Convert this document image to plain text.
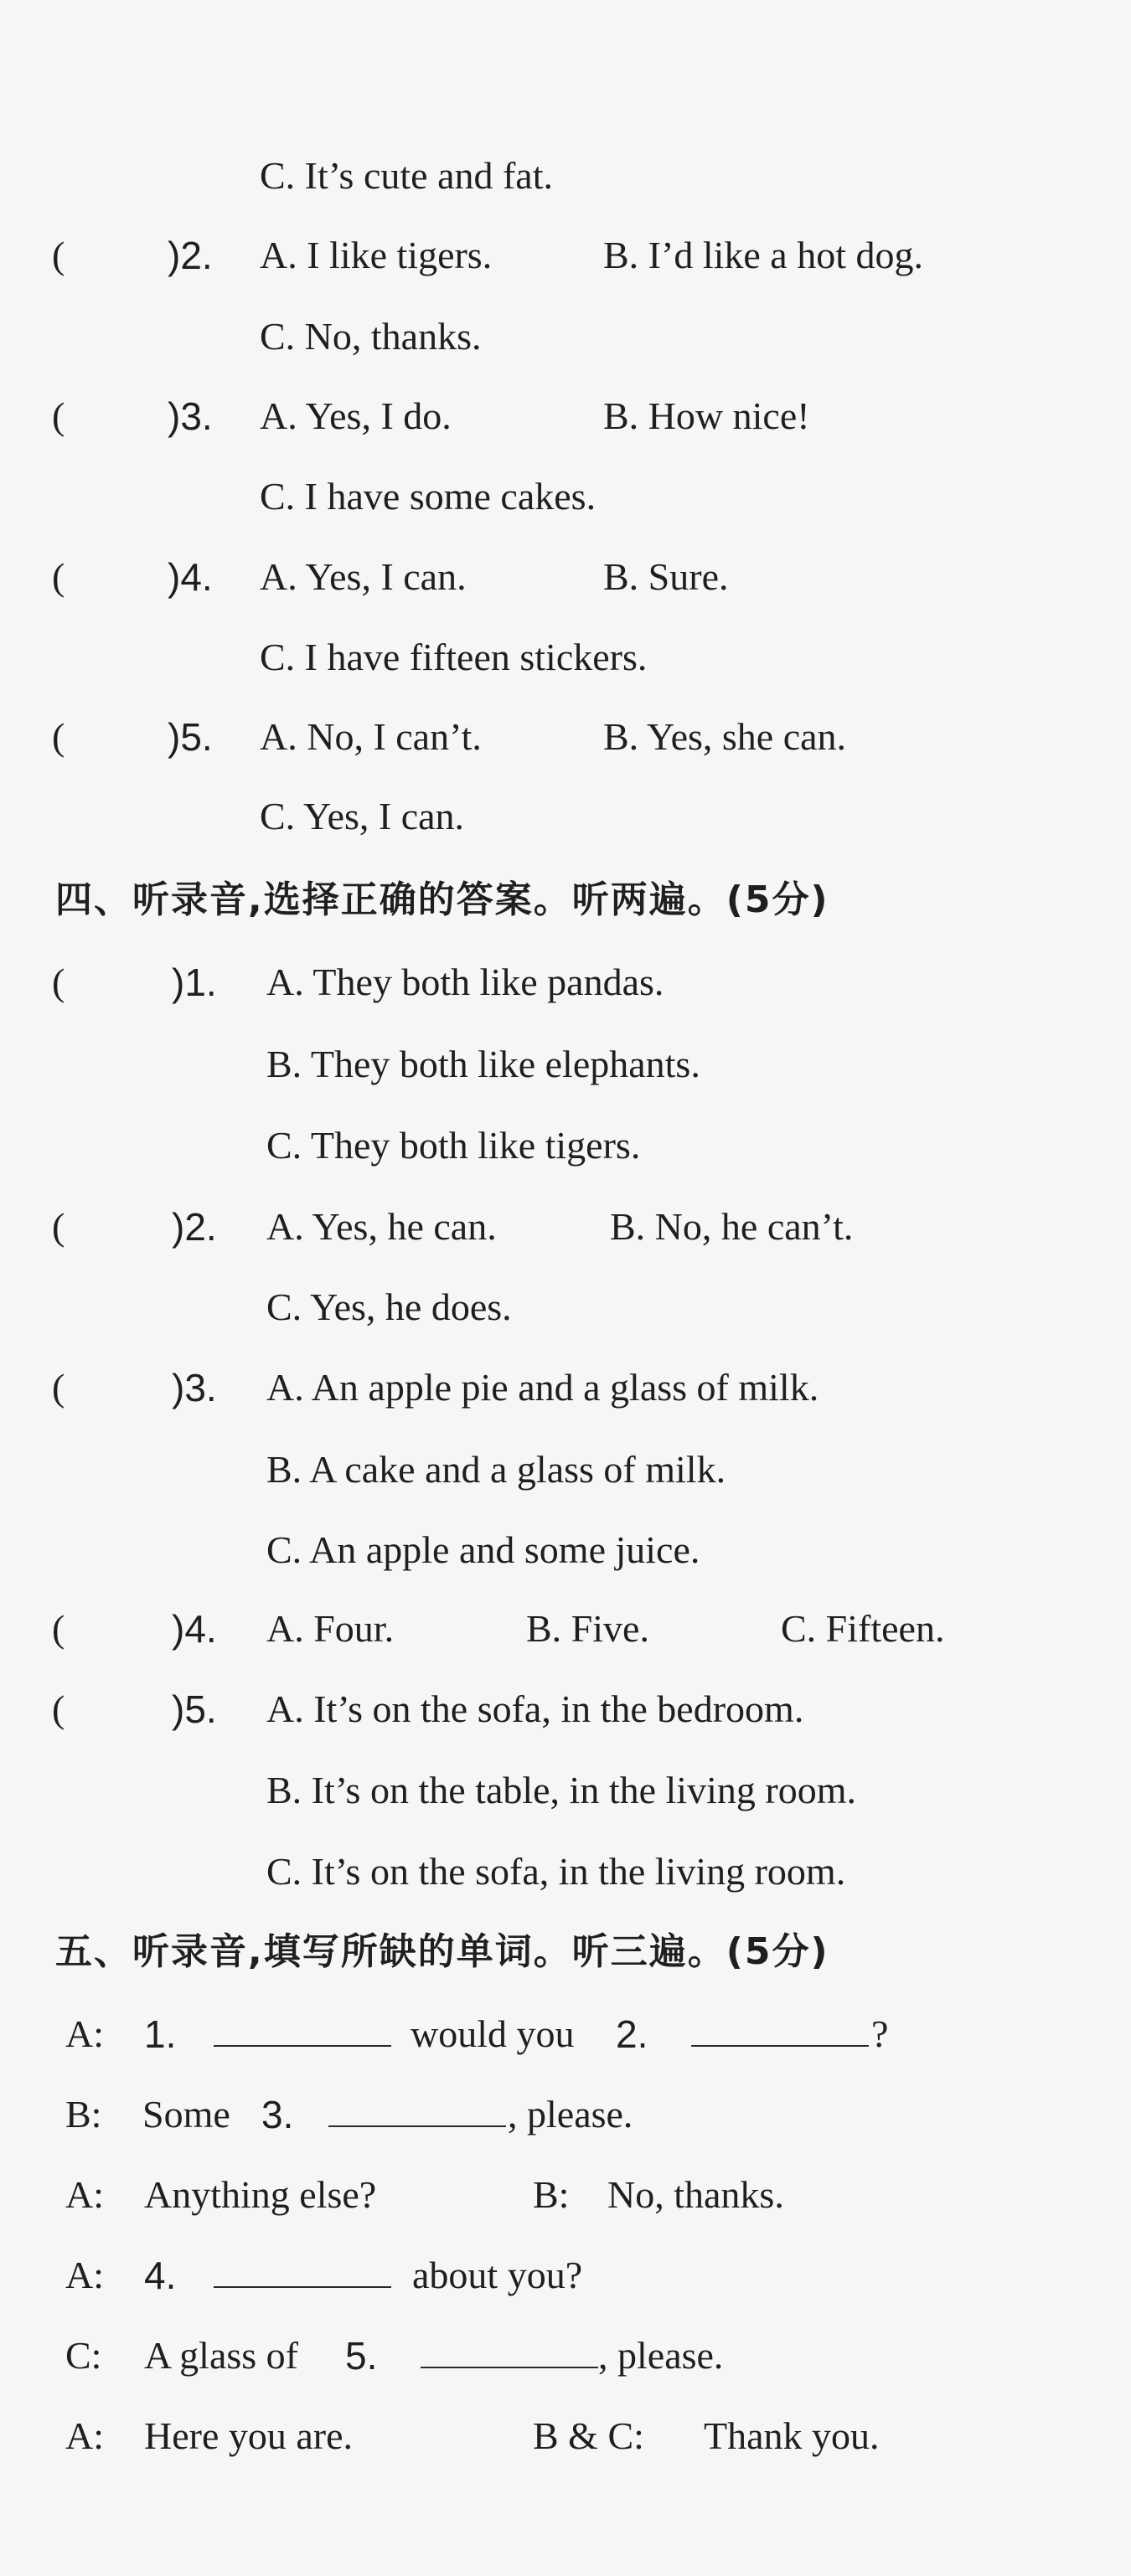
C. It’s cute and fat.
(	)2. A. I like tigers.	B. I’d like a hot dog.
C. No, thanks.
(	)3. A. Yes, I do.	B. How nice!
C. I have some cakes.
(	)4. A. Yes, I can.	B. Sure.
C. I have fifteen stickers.
(	)5. A. No, I can’t.	B. Yes, she can.
C. Yes, I can.
四、听录音,选择正确的答案。听两遍。(5分)
(	)1. A. They both like pandas.
B. They both like elephants.
C. They both like tigers.
(	)2. A. Yes, he can.	B. No, he can’t.
C. Yes, he does.
(	)3. A. An apple pie and a glass of milk.
B. A cake and a glass of milk.
C. An apple and some juice.
(	)4. A. Four.	B. Five.	C. Fifteen.
(	)5. A. It’s on the sofa, in the bedroom.
B. It’s on the table, in the living room.
C. It’s on the sofa, in the living room.
五、听录音,填写所缺的单词。听三遍。(5分)
A: 1.	would you 2.	?
B: Some 3.	, please.
A: Anything else?	B: No, thanks.
A: 4.	about you?
C: A glass of 5.	, please.
A: Here you are.	B & C: Thank you.
